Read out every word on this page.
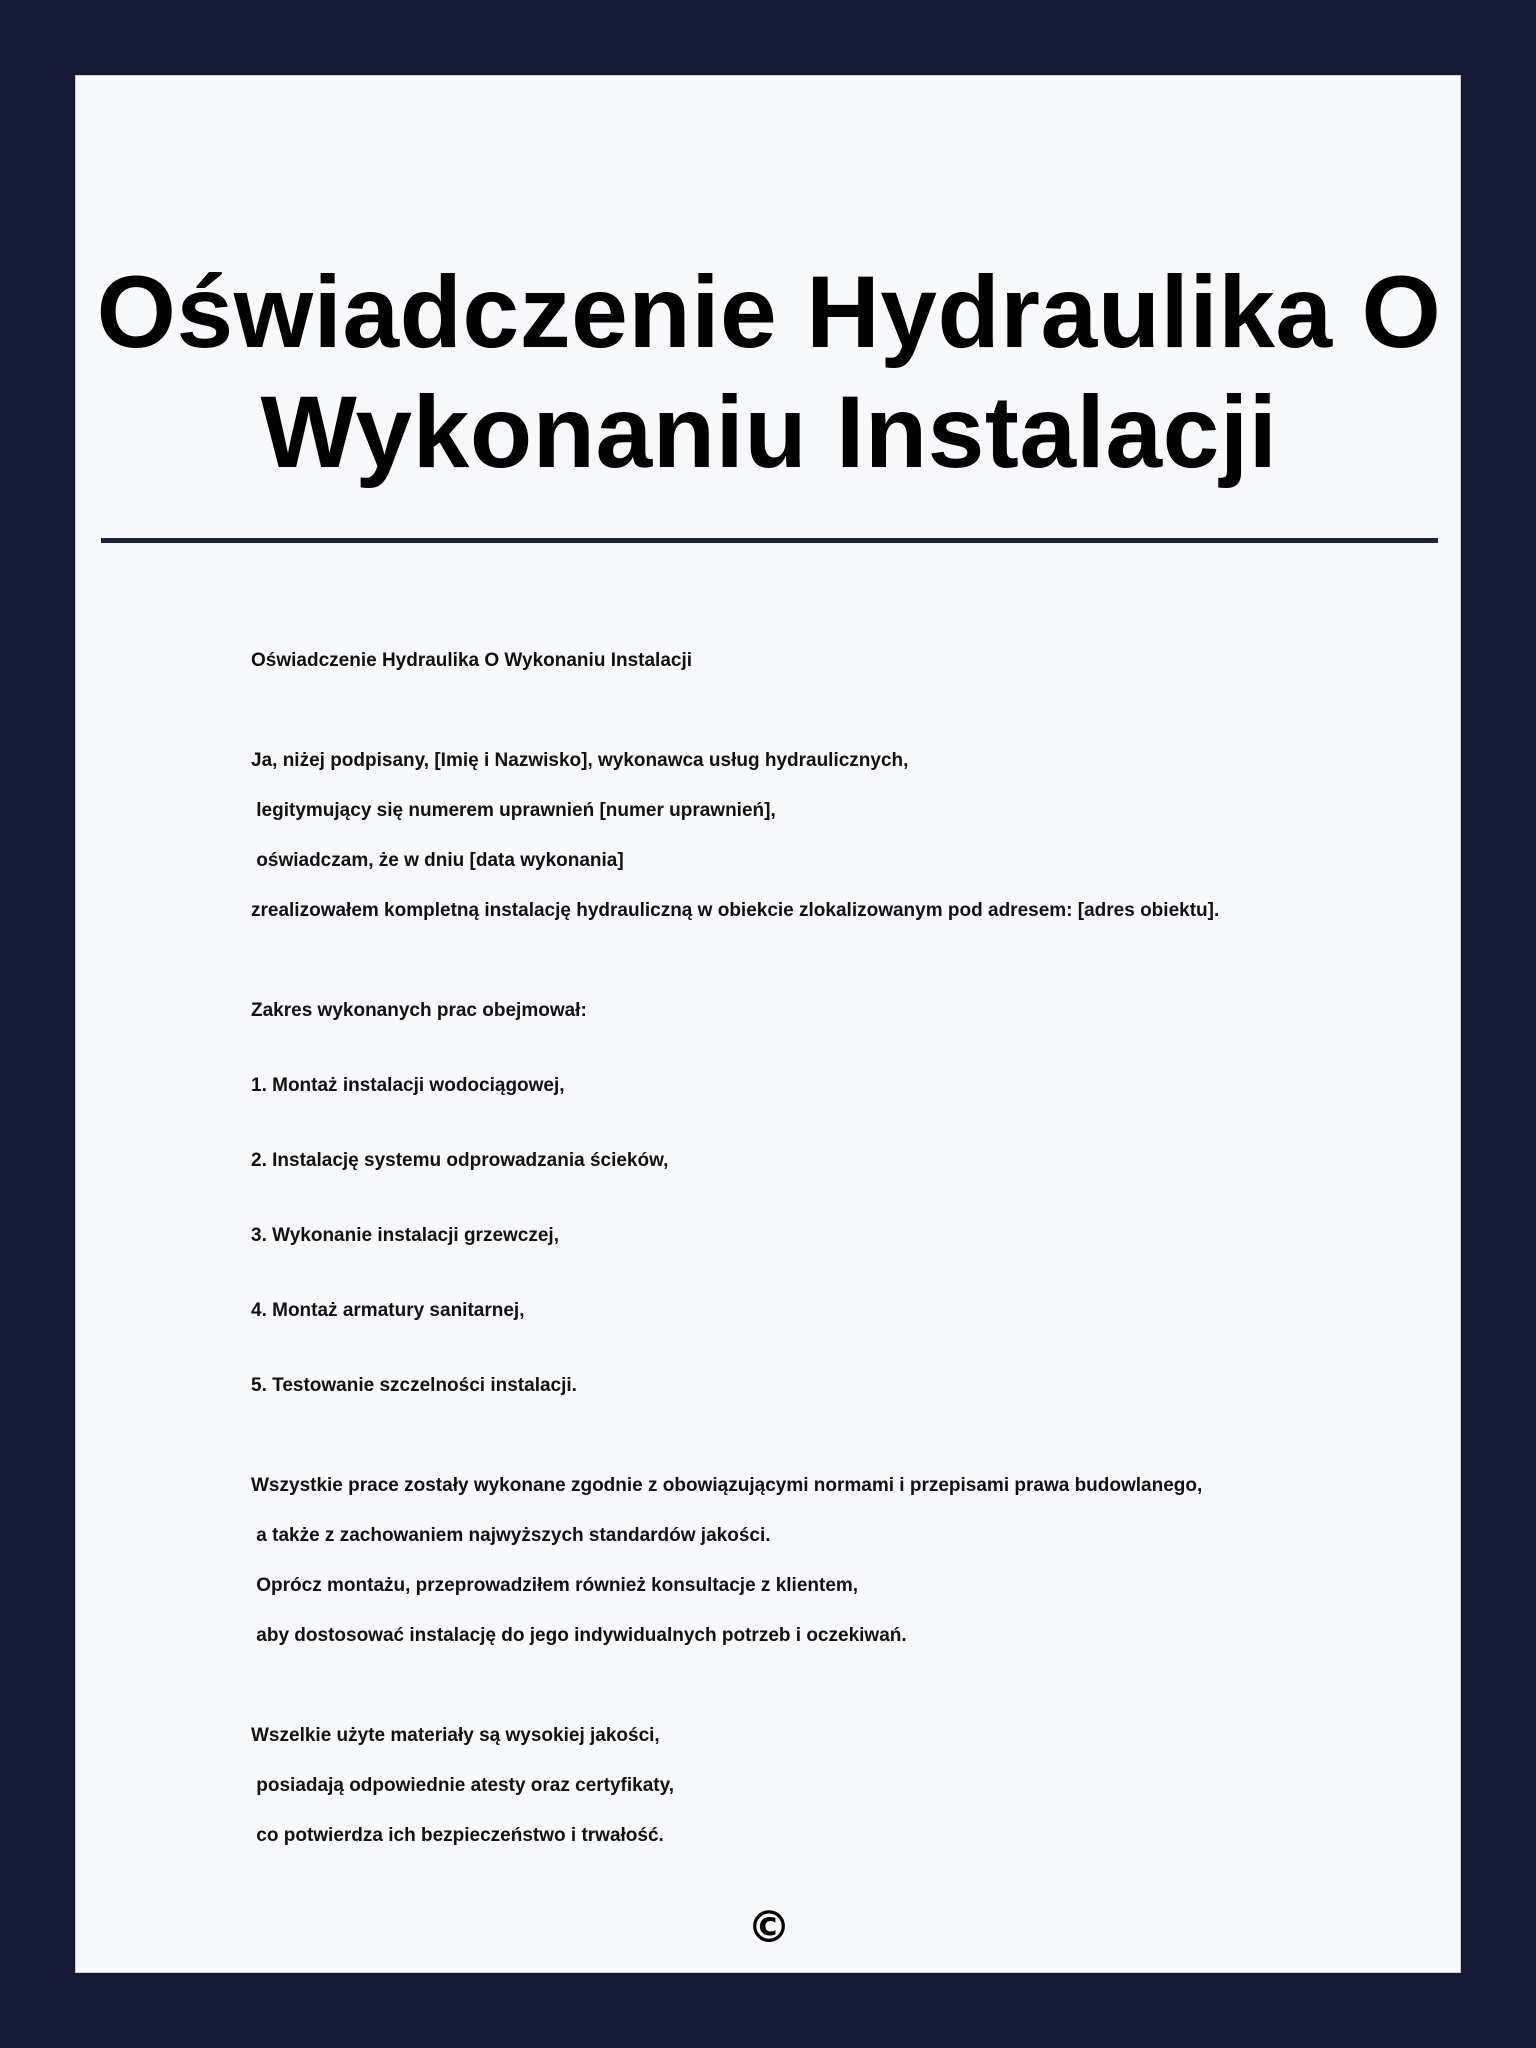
Oświadczenie Hydraulika O Wykonaniu Instalacji
Oświadczenie Hydraulika O Wykonaniu Instalacji
Ja, niżej podpisany, [Imię i Nazwisko], wykonawca usług hydraulicznych,
legitymujący się numerem uprawnień [numer uprawnień],
oświadczam, że w dniu [data wykonania]
zrealizowałem kompletną instalację hydrauliczną w obiekcie zlokalizowanym pod adresem: [adres obiektu].
Zakres wykonanych prac obejmował:
1. Montaż instalacji wodociągowej,
2. Instalację systemu odprowadzania ścieków,
3. Wykonanie instalacji grzewczej,
4. Montaż armatury sanitarnej,
5. Testowanie szczelności instalacji.
Wszystkie prace zostały wykonane zgodnie z obowiązującymi normami i przepisami prawa budowlanego,
a także z zachowaniem najwyższych standardów jakości.
Oprócz montażu, przeprowadziłem również konsultacje z klientem,
aby dostosować instalację do jego indywidualnych potrzeb i oczekiwań.
Wszelkie użyte materiały są wysokiej jakości,
posiadają odpowiednie atesty oraz certyfikaty,
co potwierdza ich bezpieczeństwo i trwałość.
©
